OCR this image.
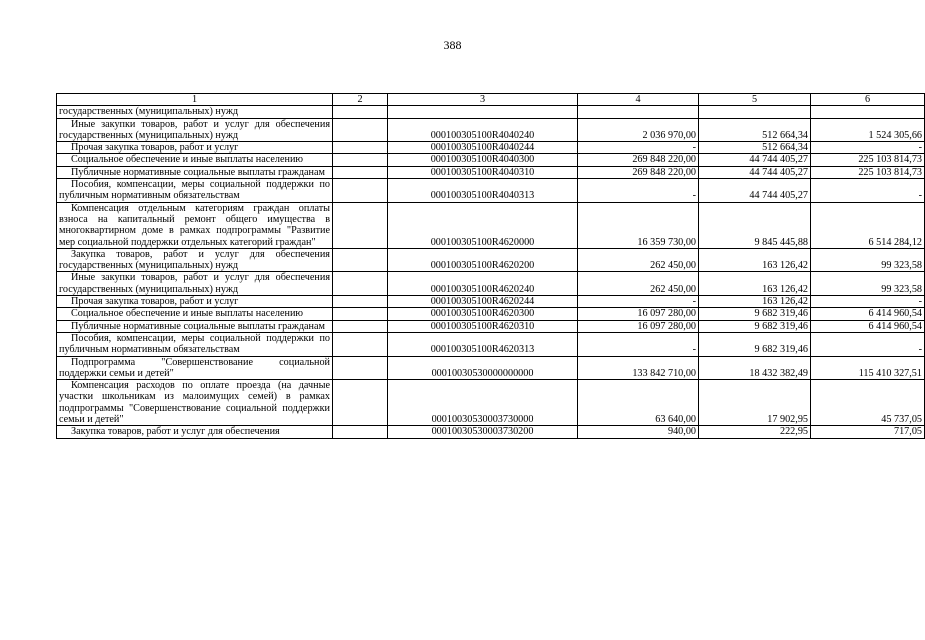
388
1	2	3	4	5	6
государственных (муниципальных) нужд					
Иные закупки товаров, работ и услуг для обеспечения государственных (муниципальных) нужд		000100305100R4040240	2 036 970,00	512 664,34	1 524 305,66
Прочая закупка товаров, работ и услуг		000100305100R4040244	-	512 664,34	-
Социальное обеспечение и иные выплаты населению		000100305100R4040300	269 848 220,00	44 744 405,27	225 103 814,73
Публичные нормативные социальные выплаты гражданам		000100305100R4040310	269 848 220,00	44 744 405,27	225 103 814,73
Пособия, компенсации, меры социальной поддержки по публичным нормативным обязательствам		000100305100R4040313	-	44 744 405,27	-
Компенсация отдельным категориям граждан оплаты взноса на капитальный ремонт общего имущества в многоквартирном доме в рамках подпрограммы "Развитие мер социальной поддержки отдельных категорий граждан"		000100305100R4620000	16 359 730,00	9 845 445,88	6 514 284,12
Закупка товаров, работ и услуг для обеспечения государственных (муниципальных) нужд		000100305100R4620200	262 450,00	163 126,42	99 323,58
Иные закупки товаров, работ и услуг для обеспечения государственных (муниципальных) нужд		000100305100R4620240	262 450,00	163 126,42	99 323,58
Прочая закупка товаров, работ и услуг		000100305100R4620244	-	163 126,42	-
Социальное обеспечение и иные выплаты населению		000100305100R4620300	16 097 280,00	9 682 319,46	6 414 960,54
Публичные нормативные социальные выплаты гражданам		000100305100R4620310	16 097 280,00	9 682 319,46	6 414 960,54
Пособия, компенсации, меры социальной поддержки по публичным нормативным обязательствам		000100305100R4620313	-	9 682 319,46	-
Подпрограмма "Совершенствование социальной поддержки семьи и детей"		00010030530000000000	133 842 710,00	18 432 382,49	115 410 327,51
Компенсация расходов по оплате проезда (на дачные участки школьникам из малоимущих семей) в рамках подпрограммы "Совершенствование социальной поддержки семьи и детей"		00010030530003730000	63 640,00	17 902,95	45 737,05
Закупка товаров, работ и услуг для обеспечения		00010030530003730200	940,00	222,95	717,05
